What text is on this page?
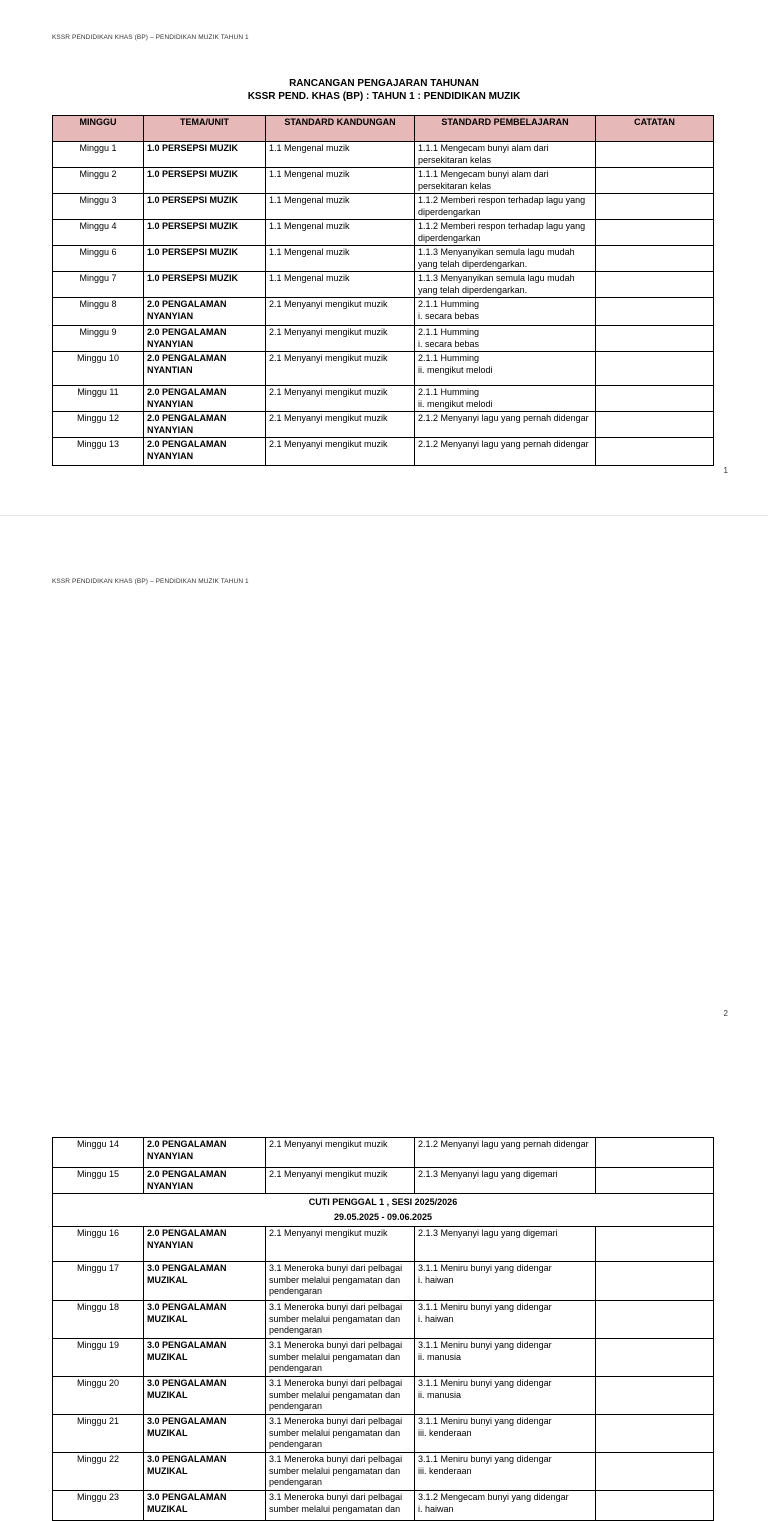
KSSR PENDIDIKAN KHAS (BP) – PENDIDIKAN MUZIK TAHUN 1
RANCANGAN PENGAJARAN TAHUNAN
KSSR PEND. KHAS (BP) : TAHUN 1 : PENDIDIKAN MUZIK
MINGGU	TEMA/UNIT	STANDARD KANDUNGAN	STANDARD PEMBELAJARAN	CATATAN
Minggu 1	1.0 PERSEPSI MUZIK	1.1 Mengenal muzik	1.1.1 Mengecam bunyi alam dari persekitaran kelas	
Minggu 2	1.0 PERSEPSI MUZIK	1.1 Mengenal muzik	1.1.1 Mengecam bunyi alam dari persekitaran kelas	
Minggu 3	1.0 PERSEPSI MUZIK	1.1 Mengenal muzik	1.1.2 Memberi respon terhadap lagu yang diperdengarkan	
Minggu 4	1.0 PERSEPSI MUZIK	1.1 Mengenal muzik	1.1.2 Memberi respon terhadap lagu yang diperdengarkan	
Minggu 6	1.0 PERSEPSI MUZIK	1.1 Mengenal muzik	1.1.3 Menyanyikan semula lagu mudah yang telah diperdengarkan.	
Minggu 7	1.0 PERSEPSI MUZIK	1.1 Mengenal muzik	1.1.3 Menyanyikan semula lagu mudah yang telah diperdengarkan.	
Minggu 8	2.0 PENGALAMAN NYANYIAN	2.1 Menyanyi mengikut muzik	2.1.1 Humming
i. secara bebas	
Minggu 9	2.0 PENGALAMAN NYANYIAN	2.1 Menyanyi mengikut muzik	2.1.1 Humming
i. secara bebas	
Minggu 10	2.0 PENGALAMAN NYANTIAN	2.1 Menyanyi mengikut muzik	2.1.1 Humming
ii. mengikut melodi	
Minggu 11	2.0 PENGALAMAN NYANYIAN	2.1 Menyanyi mengikut muzik	2.1.1 Humming
ii. mengikut melodi	
Minggu 12	2.0 PENGALAMAN NYANYIAN	2.1 Menyanyi mengikut muzik	2.1.2 Menyanyi lagu yang pernah didengar	
Minggu 13	2.0 PENGALAMAN NYANYIAN	2.1 Menyanyi mengikut muzik	2.1.2 Menyanyi lagu yang pernah didengar	
1
KSSR PENDIDIKAN KHAS (BP) – PENDIDIKAN MUZIK TAHUN 1
Minggu 14	2.0 PENGALAMAN NYANYIAN	2.1 Menyanyi mengikut muzik	2.1.2 Menyanyi lagu yang pernah didengar	
Minggu 15	2.0 PENGALAMAN NYANYIAN	2.1 Menyanyi mengikut muzik	2.1.3 Menyanyi lagu yang digemari	

CUTI PENGGAL 1 , SESI 2025/2026
29.05.2025 - 09.06.2025				

Minggu 16	2.0 PENGALAMAN NYANYIAN	2.1 Menyanyi mengikut muzik	2.1.3 Menyanyi lagu yang digemari	
Minggu 17	3.0 PENGALAMAN MUZIKAL	3.1 Meneroka bunyi dari pelbagai sumber melalui pengamatan dan pendengaran	3.1.1 Meniru bunyi yang didengar
i. haiwan	
Minggu 18	3.0 PENGALAMAN MUZIKAL	3.1 Meneroka bunyi dari pelbagai sumber melalui pengamatan dan pendengaran	3.1.1 Meniru bunyi yang didengar
i. haiwan	
Minggu 19	3.0 PENGALAMAN MUZIKAL	3.1 Meneroka bunyi dari pelbagai sumber melalui pengamatan dan pendengaran	3.1.1 Meniru bunyi yang didengar
ii. manusia	
Minggu 20	3.0 PENGALAMAN MUZIKAL	3.1 Meneroka bunyi dari pelbagai sumber melalui pengamatan dan pendengaran	3.1.1 Meniru bunyi yang didengar
ii. manusia	
Minggu 21	3.0 PENGALAMAN MUZIKAL	3.1 Meneroka bunyi dari pelbagai sumber melalui pengamatan dan pendengaran	3.1.1 Meniru bunyi yang didengar
iii. kenderaan	
Minggu 22	3.0 PENGALAMAN MUZIKAL	3.1 Meneroka bunyi dari pelbagai sumber melalui pengamatan dan pendengaran	3.1.1 Meniru bunyi yang didengar
iii. kenderaan	
Minggu 23	3.0 PENGALAMAN MUZIKAL	3.1 Meneroka bunyi dari pelbagai sumber melalui pengamatan dan	3.1.2 Mengecam bunyi yang didengar
i. haiwan	
2
